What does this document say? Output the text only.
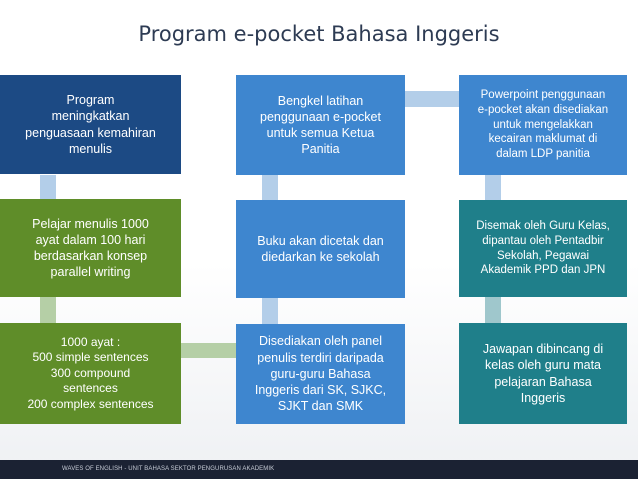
Program e-pocket Bahasa Inggeris
Program
meningkatkan
penguasaan kemahiran
menulis
Pelajar menulis 1000
ayat dalam 100 hari
berdasarkan konsep
parallel writing
1000 ayat :
500 simple sentences
300 compound
sentences
200 complex sentences
Bengkel latihan
penggunaan e-pocket
untuk semua Ketua
Panitia
Buku akan dicetak dan
diedarkan ke sekolah
Disediakan oleh panel
penulis terdiri daripada
guru-guru Bahasa
Inggeris dari SK, SJKC,
SJKT dan SMK
Powerpoint penggunaan
e-pocket akan disediakan
untuk mengelakkan
kecairan maklumat di
dalam LDP panitia
Disemak oleh Guru Kelas,
dipantau oleh Pentadbir
Sekolah, Pegawai
Akademik PPD dan JPN
Jawapan dibincang di
kelas oleh guru mata
pelajaran Bahasa
Inggeris
WAVES OF ENGLISH - UNIT BAHASA SEKTOR PENGURUSAN AKADEMIK
